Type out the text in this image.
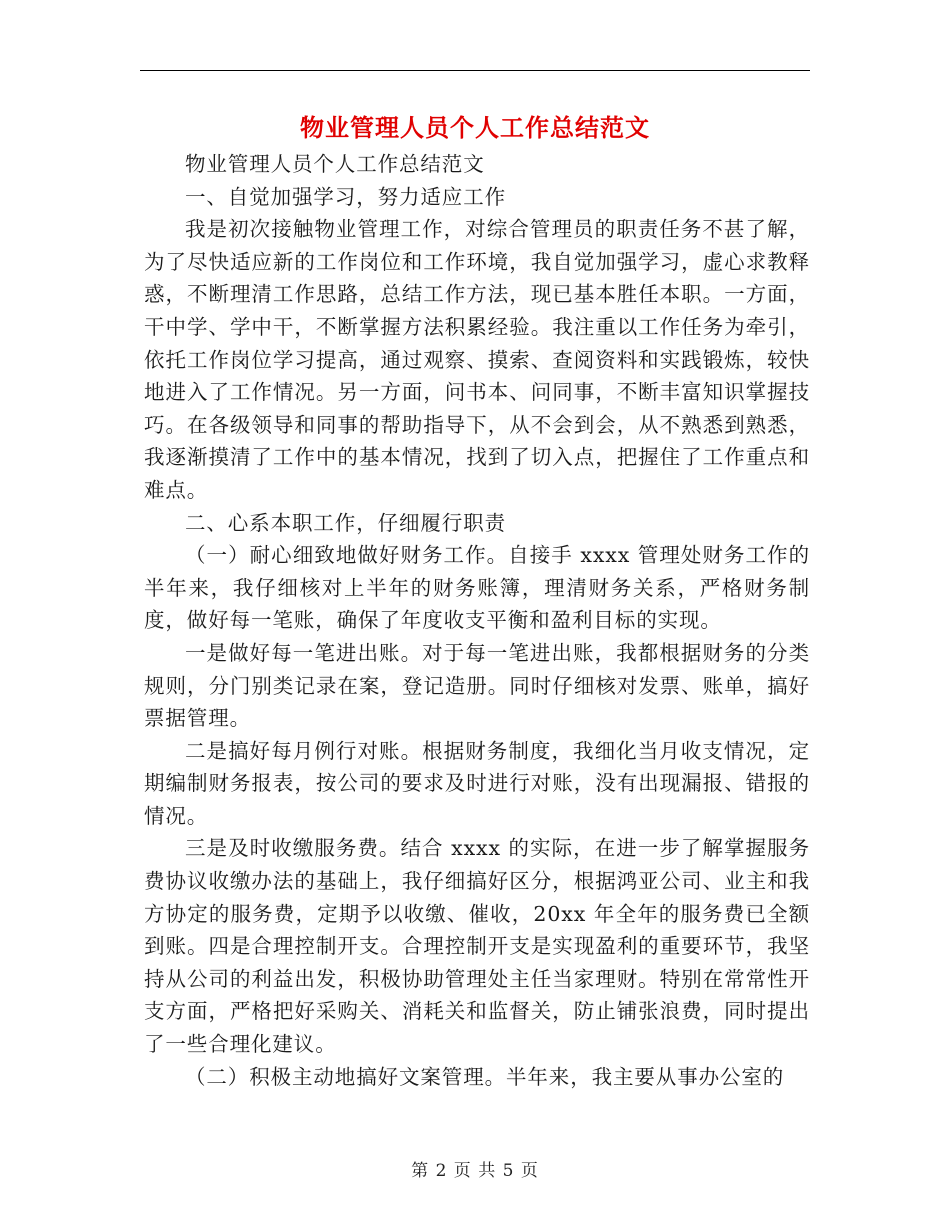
物业管理人员个人工作总结范文

物业管理人员个人工作总结范文

一、自觉加强学习，努力适应工作

我是初次接触物业管理工作，对综合管理员的职责任务不甚了解，为了尽快适应新的工作岗位和工作环境，我自觉加强学习，虚心求教释惑，不断理清工作思路，总结工作方法，现已基本胜任本职。一方面，干中学、学中干，不断掌握方法积累经验。我注重以工作任务为牵引，依托工作岗位学习提高，通过观察、摸索、查阅资料和实践锻炼，较快地进入了工作情况。另一方面，问书本、问同事，不断丰富知识掌握技巧。在各级领导和同事的帮助指导下，从不会到会，从不熟悉到熟悉，我逐渐摸清了工作中的基本情况，找到了切入点，把握住了工作重点和难点。

二、心系本职工作，仔细履行职责

（一）耐心细致地做好财务工作。自接手 xxxx 管理处财务工作的半年来，我仔细核对上半年的财务账簿，理清财务关系，严格财务制度，做好每一笔账，确保了年度收支平衡和盈利目标的实现。

一是做好每一笔进出账。对于每一笔进出账，我都根据财务的分类规则，分门别类记录在案，登记造册。同时仔细核对发票、账单，搞好票据管理。

二是搞好每月例行对账。根据财务制度，我细化当月收支情况，定期编制财务报表，按公司的要求及时进行对账，没有出现漏报、错报的情况。

三是及时收缴服务费。结合 xxxx 的实际，在进一步了解掌握服务费协议收缴办法的基础上，我仔细搞好区分，根据鸿亚公司、业主和我方协定的服务费，定期予以收缴、催收，20xx 年全年的服务费已全额到账。四是合理控制开支。合理控制开支是实现盈利的重要环节，我坚持从公司的利益出发，积极协助管理处主任当家理财。特别在常常性开支方面，严格把好采购关、消耗关和监督关，防止铺张浪费，同时提出了一些合理化建议。

（二）积极主动地搞好文案管理。半年来，我主要从事办公室的

第 2 页 共 5 页
